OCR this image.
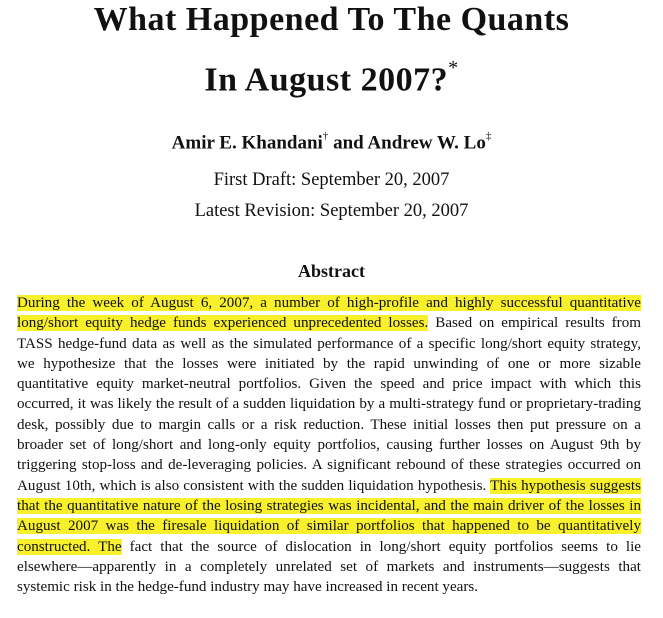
What Happened To The Quants
In August 2007?*
Amir E. Khandani† and Andrew W. Lo‡
First Draft: September 20, 2007
Latest Revision: September 20, 2007
Abstract

During the week of August 6, 2007, a number of high-profile and highly successful quantitative long/short equity hedge funds experienced unprecedented losses. Based on empirical results from TASS hedge-fund data as well as the simulated performance of a specific long/short equity strategy, we hypothesize that the losses were initiated by the rapid unwinding of one or more sizable quantitative equity market-neutral portfolios. Given the speed and price impact with which this occurred, it was likely the result of a sudden liquidation by a multi-strategy fund or proprietary-trading desk, possibly due to margin calls or a risk reduction. These initial losses then put pressure on a broader set of long/short and long-only equity portfolios, causing further losses on August 9th by triggering stop-loss and de-leveraging policies. A significant rebound of these strategies occurred on August 10th, which is also consistent with the sudden liquidation hypothesis. This hypothesis suggests that the quantitative nature of the losing strategies was incidental, and the main driver of the losses in August 2007 was the firesale liquidation of similar portfolios that happened to be quantitatively constructed. The fact that the source of dislocation in long/short equity portfolios seems to lie elsewhere—apparently in a completely unrelated set of markets and instruments—suggests that systemic risk in the hedge-fund industry may have increased in recent years.
